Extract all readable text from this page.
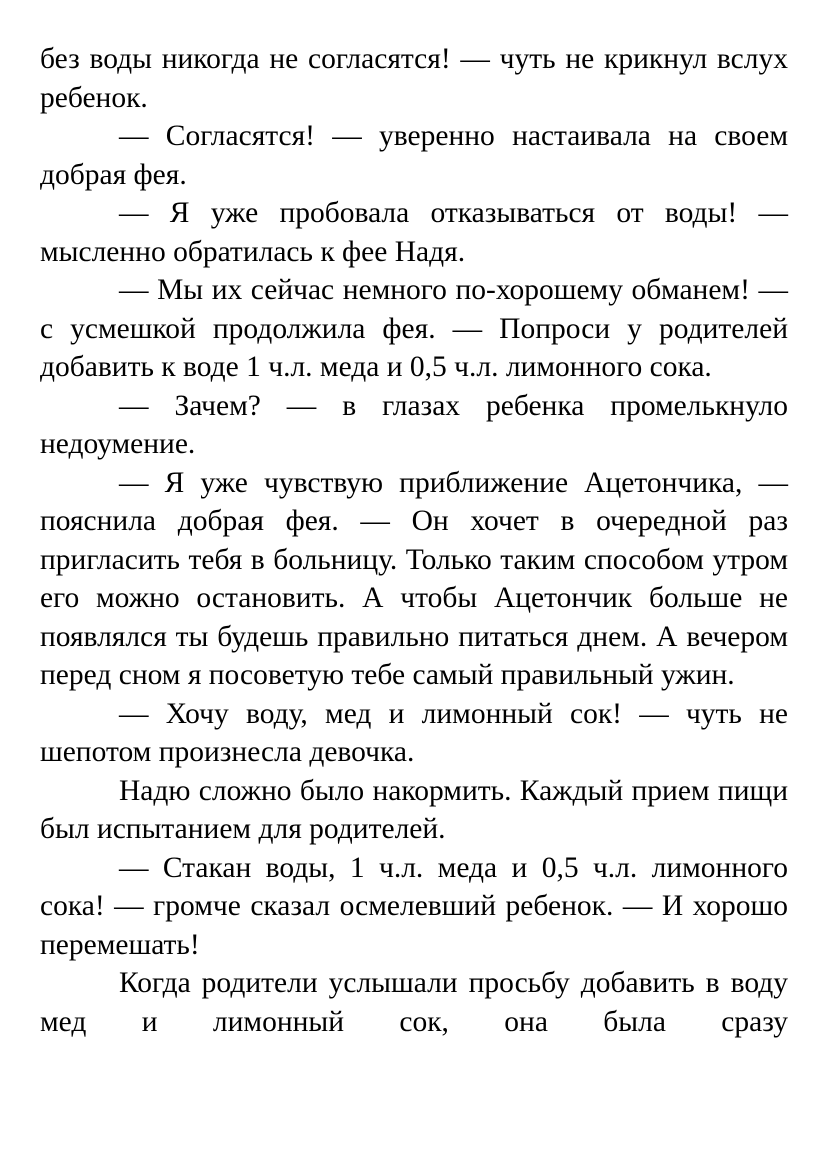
без воды никогда не согласятся! — чуть не крикнул вслух ребенок.

— Согласятся! — уверенно настаивала на своем добрая фея.

— Я уже пробовала отказываться от воды! — мысленно обратилась к фее Надя.

— Мы их сейчас немного по-хорошему обманем! — с усмешкой продолжила фея. — Попроси у родителей добавить к воде 1 ч.л. меда и 0,5 ч.л. лимонного сока.

— Зачем? — в глазах ребенка промелькнуло недоумение.

— Я уже чувствую приближение Ацетончика, — пояснила добрая фея. — Он хочет в очередной раз пригласить тебя в больницу. Только таким способом утром его можно остановить. А чтобы Ацетончик больше не появлялся ты будешь правильно питаться днем. А вечером перед сном я посоветую тебе самый правильный ужин.

— Хочу воду, мед и лимонный сок! — чуть не шепотом произнесла девочка.

Надю сложно было накормить. Каждый прием пищи был испытанием для родителей.

— Стакан воды, 1 ч.л. меда и 0,5 ч.л. лимонного сока! — громче сказал осмелевший ребенок. — И хорошо перемешать!

Когда родители услышали просьбу добавить в воду мед и лимонный сок, она была сразу
